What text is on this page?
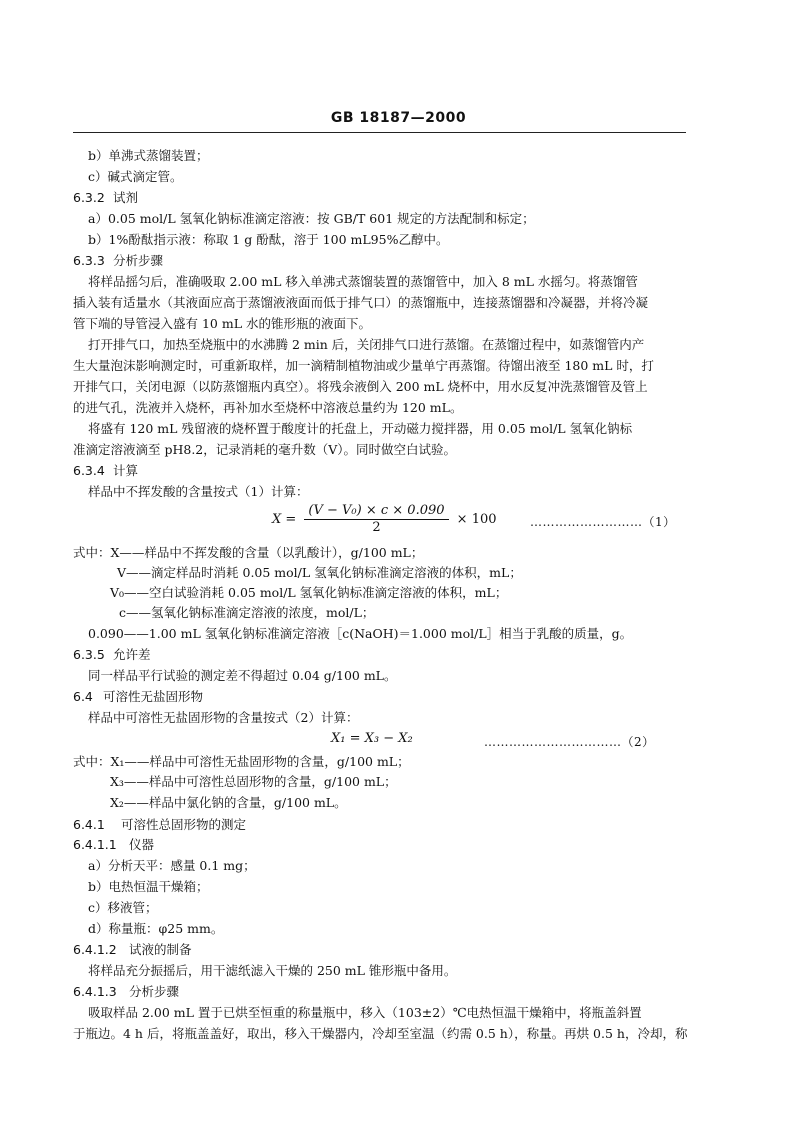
GB 18187—2000
b）单沸式蒸馏装置；
c）碱式滴定管。
6.3.2 试剂
a）0.05 mol/L 氢氧化钠标准滴定溶液：按 GB/T 601 规定的方法配制和标定；
b）1%酚酞指示液：称取 1 g 酚酞，溶于 100 mL95%乙醇中。
6.3.3 分析步骤
将样品摇匀后，准确吸取 2.00 mL 移入单沸式蒸馏装置的蒸馏管中，加入 8 mL 水摇匀。将蒸馏管
插入装有适量水（其液面应高于蒸馏液液面而低于排气口）的蒸馏瓶中，连接蒸馏器和冷凝器，并将冷凝
管下端的导管浸入盛有 10 mL 水的锥形瓶的液面下。
打开排气口，加热至烧瓶中的水沸腾 2 min 后，关闭排气口进行蒸馏。在蒸馏过程中，如蒸馏管内产
生大量泡沫影响测定时，可重新取样，加一滴精制植物油或少量单宁再蒸馏。待馏出液至 180 mL 时，打
开排气口，关闭电源（以防蒸馏瓶内真空）。将残余液倒入 200 mL 烧杯中，用水反复冲洗蒸馏管及管上
的进气孔，洗液并入烧杯，再补加水至烧杯中溶液总量约为 120 mL。
将盛有 120 mL 残留液的烧杯置于酸度计的托盘上，开动磁力搅拌器，用 0.05 mol/L 氢氧化钠标
准滴定溶液滴至 pH8.2，记录消耗的毫升数（V）。同时做空白试验。
6.3.4 计算
样品中不挥发酸的含量按式（1）计算：
$X = \frac{\text{(V − V₀) × c × 0.090}}{2} \times 100$	………………………（1）
式中：X——样品中不挥发酸的含量（以乳酸计），g/100 mL；
V——滴定样品时消耗 0.05 mol/L 氢氧化钠标准滴定溶液的体积，mL；
V₀——空白试验消耗 0.05 mol/L 氢氧化钠标准滴定溶液的体积，mL；
c——氢氧化钠标准滴定溶液的浓度，mol/L；
0.090——1.00 mL 氢氧化钠标准滴定溶液［c(NaOH)＝1.000 mol/L］相当于乳酸的质量，g。
6.3.5 允许差
同一样品平行试验的测定差不得超过 0.04 g/100 mL。
6.4 可溶性无盐固形物
样品中可溶性无盐固形物的含量按式（2）计算：
X₁ = X₃ − X₂	……………………………（2）
式中：X₁——样品中可溶性无盐固形物的含量，g/100 mL；
X₃——样品中可溶性总固形物的含量，g/100 mL；
X₂——样品中氯化钠的含量，g/100 mL。
6.4.1 可溶性总固形物的测定
6.4.1.1 仪器
a）分析天平：感量 0.1 mg；
b）电热恒温干燥箱；
c）移液管；
d）称量瓶：φ25 mm。
6.4.1.2 试液的制备
将样品充分振摇后，用干滤纸滤入干燥的 250 mL 锥形瓶中备用。
6.4.1.3 分析步骤
吸取样品 2.00 mL 置于已烘至恒重的称量瓶中，移入（103±2）℃电热恒温干燥箱中，将瓶盖斜置
于瓶边。4 h 后，将瓶盖盖好，取出，移入干燥器内，冷却至室温（约需 0.5 h），称量。再烘 0.5 h，冷却，称
